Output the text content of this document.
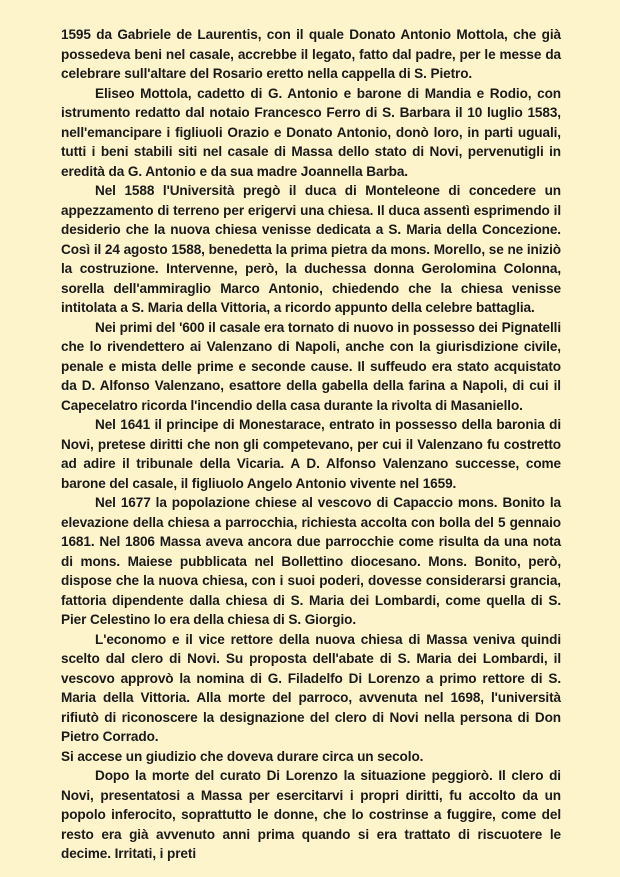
1595 da Gabriele de Laurentis, con il quale Donato Antonio Mottola, che già possedeva beni nel casale, accrebbe il legato, fatto dal padre, per le messe da celebrare sull'altare del Rosario eretto nella cappella di S. Pietro.

Eliseo Mottola, cadetto di G. Antonio e barone di Mandia e Rodio, con istrumento redatto dal notaio Francesco Ferro di S. Barbara il 10 luglio 1583, nell'emancipare i figliuoli Orazio e Donato Antonio, donò loro, in parti uguali, tutti i beni stabili siti nel casale di Massa dello stato di Novi, pervenutigli in eredità da G. Antonio e da sua madre Joannella Barba.

Nel 1588 l'Università pregò il duca di Monteleone di concedere un appezzamento di terreno per erigervi una chiesa. Il duca assentì esprimendo il desiderio che la nuova chiesa venisse dedicata a S. Maria della Concezione. Così il 24 agosto 1588, benedetta la prima pietra da mons. Morello, se ne iniziò la costruzione. Intervenne, però, la duchessa donna Gerolomina Colonna, sorella dell'ammiraglio Marco Antonio, chiedendo che la chiesa venisse intitolata a S. Maria della Vittoria, a ricordo appunto della celebre battaglia.

Nei primi del '600 il casale era tornato di nuovo in possesso dei Pignatelli che lo rivendettero ai Valenzano di Napoli, anche con la giurisdizione civile, penale e mista delle prime e seconde cause. Il suffeudo era stato acquistato da D. Alfonso Valenzano, esattore della gabella della farina a Napoli, di cui il Capecelatro ricorda l'incendio della casa durante la rivolta di Masaniello.

Nel 1641 il principe di Monestarace, entrato in possesso della baronia di Novi, pretese diritti che non gli competevano, per cui il Valenzano fu costretto ad adire il tribunale della Vicaria. A D. Alfonso Valenzano successe, come barone del casale, il figliuolo Angelo Antonio vivente nel 1659.

Nel 1677 la popolazione chiese al vescovo di Capaccio mons. Bonito la elevazione della chiesa a parrocchia, richiesta accolta con bolla del 5 gennaio 1681. Nel 1806 Massa aveva ancora due parrocchie come risulta da una nota di mons. Maiese pubblicata nel Bollettino diocesano. Mons. Bonito, però, dispose che la nuova chiesa, con i suoi poderi, dovesse considerarsi grancia, fattoria dipendente dalla chiesa di S. Maria dei Lombardi, come quella di S. Pier Celestino lo era della chiesa di S. Giorgio.

L'economo e il vice rettore della nuova chiesa di Massa veniva quindi scelto dal clero di Novi. Su proposta dell'abate di S. Maria dei Lombardi, il vescovo approvò la nomina di G. Filadelfo Di Lorenzo a primo rettore di S. Maria della Vittoria. Alla morte del parroco, avvenuta nel 1698, l'università rifiutò di riconoscere la designazione del clero di Novi nella persona di Don Pietro Corrado.

Si accese un giudizio che doveva durare circa un secolo.

Dopo la morte del curato Di Lorenzo la situazione peggiorò. Il clero di Novi, presentatosi a Massa per esercitarvi i propri diritti, fu accolto da un popolo inferocito, soprattutto le donne, che lo costrinse a fuggire, come del resto era già avvenuto anni prima quando si era trattato di riscuotere le decime. Irritati, i preti
